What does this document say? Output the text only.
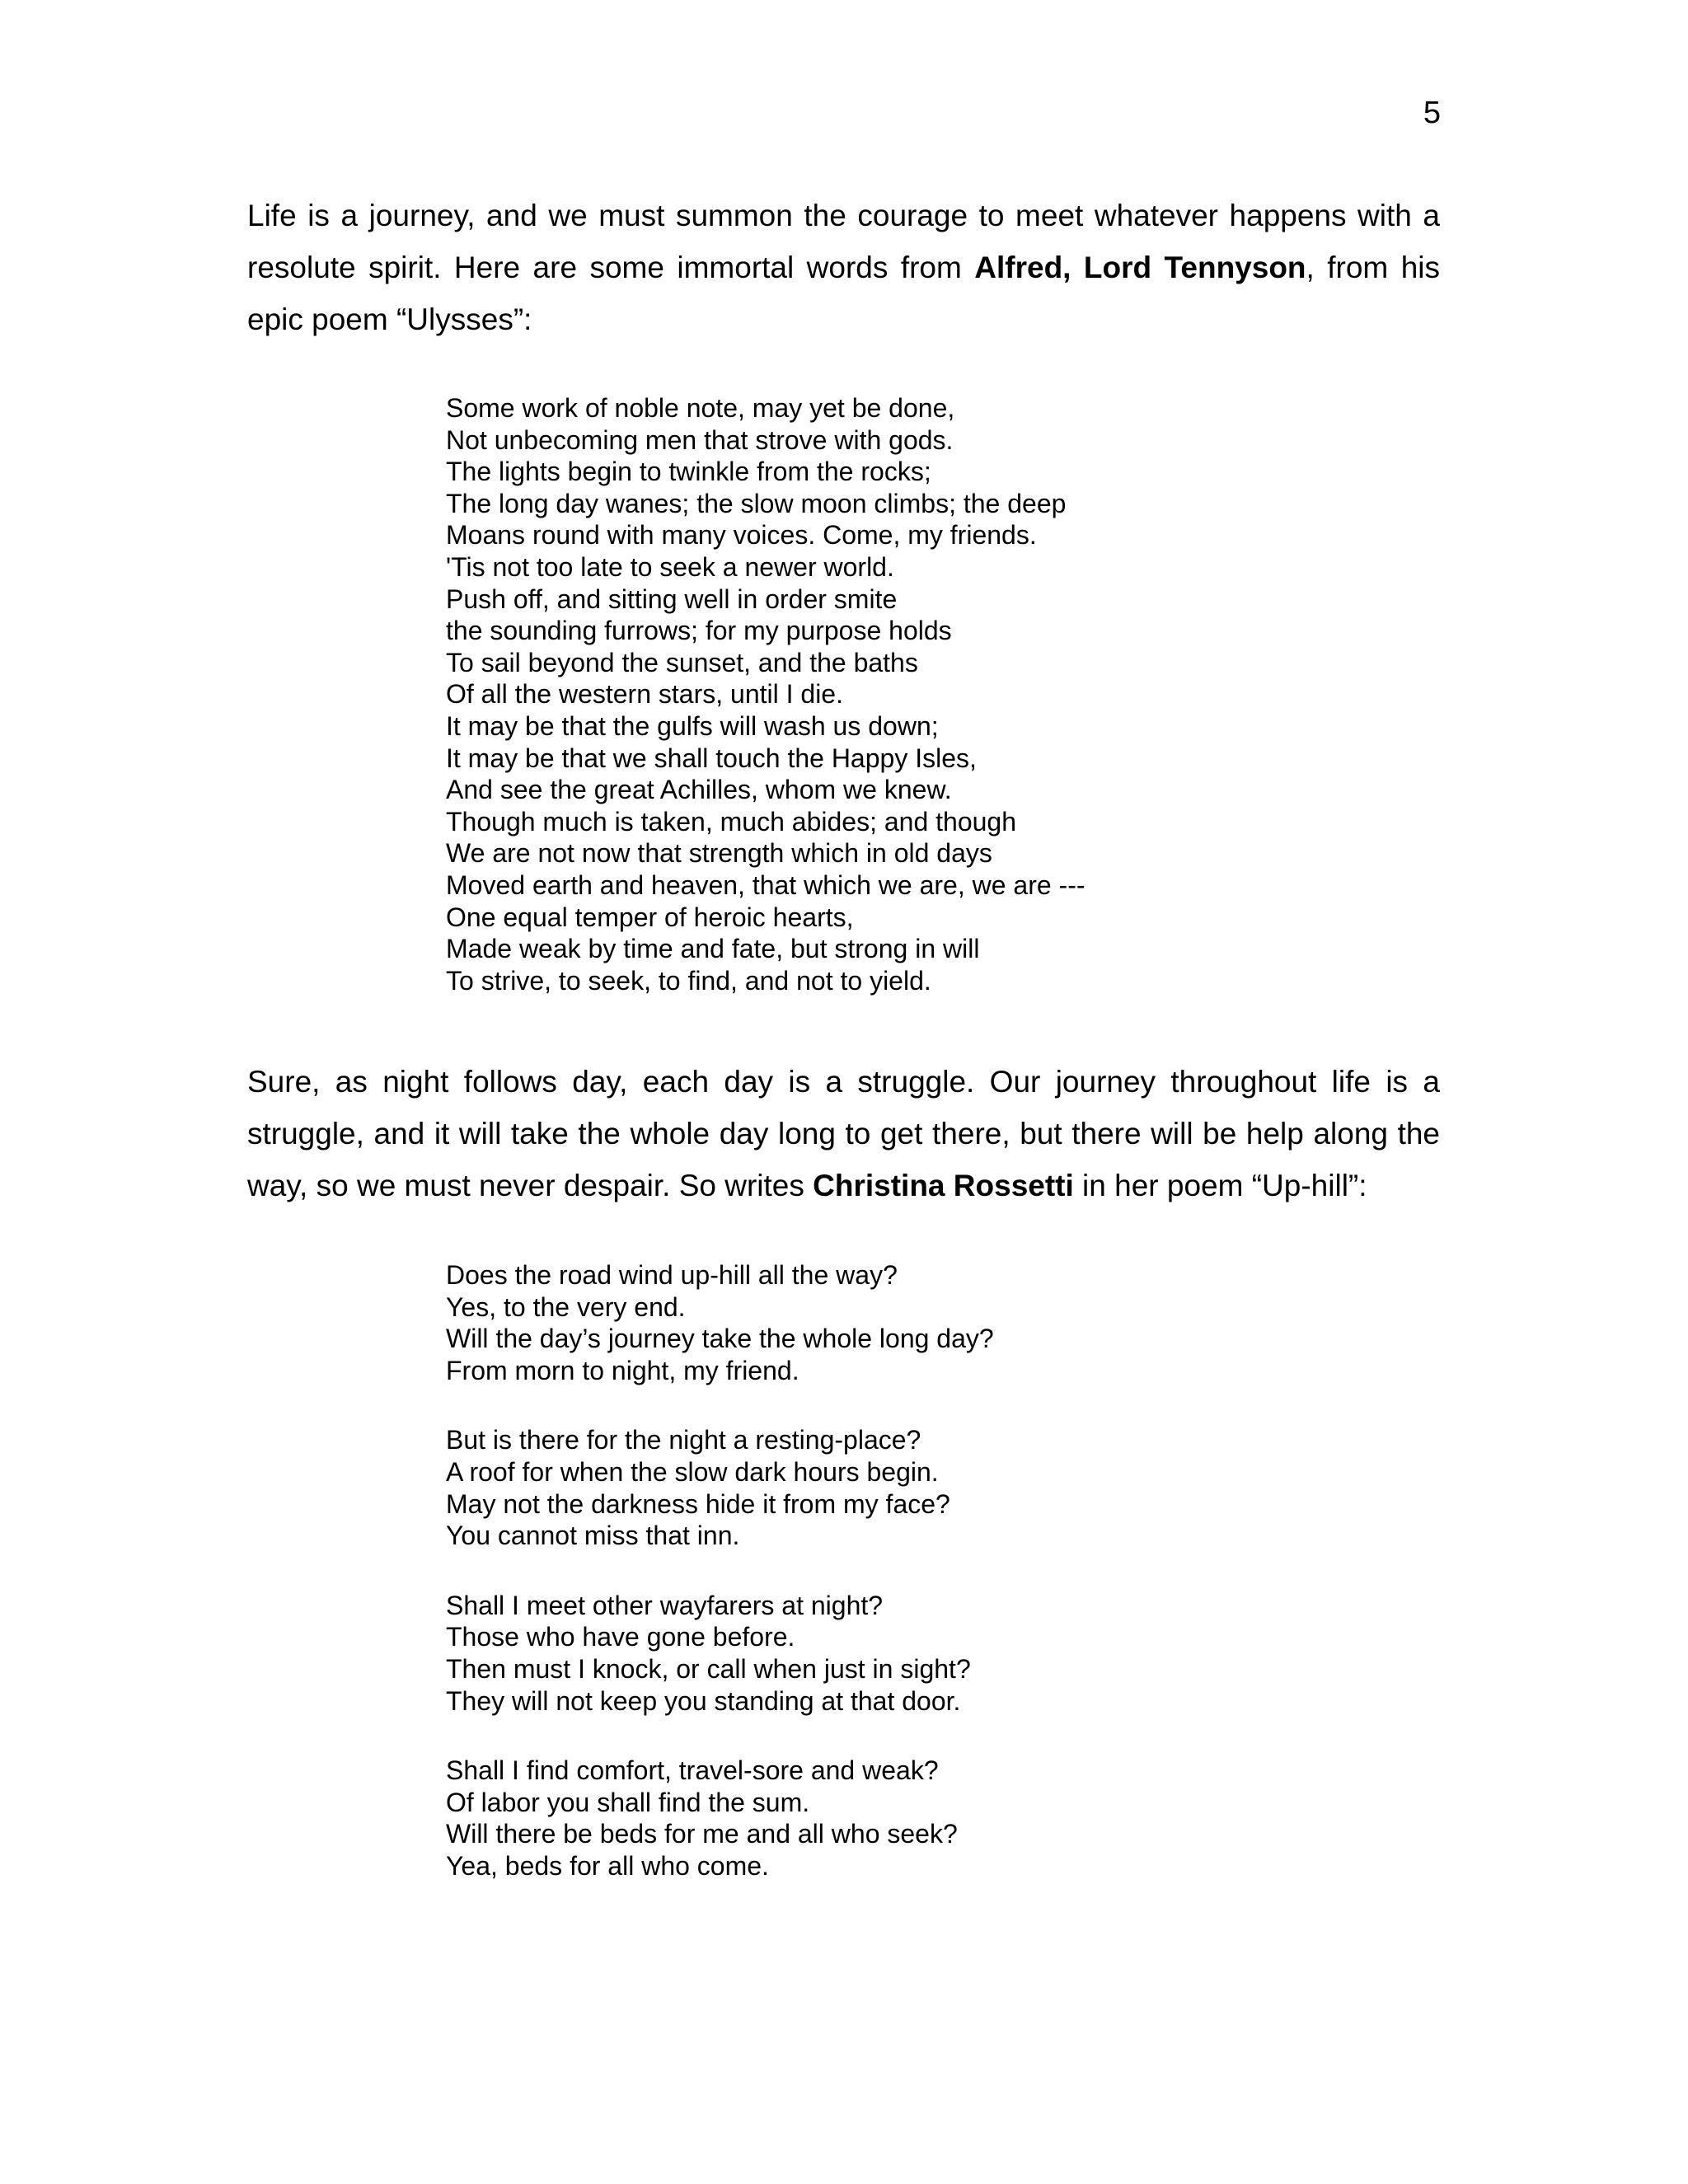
5

Life is a journey, and we must summon the courage to meet whatever happens with a resolute spirit. Here are some immortal words from Alfred, Lord Tennyson, from his epic poem “Ulysses”:

Some work of noble note, may yet be done,
Not unbecoming men that strove with gods.
The lights begin to twinkle from the rocks;
The long day wanes; the slow moon climbs; the deep
Moans round with many voices. Come, my friends.
'Tis not too late to seek a newer world.
Push off, and sitting well in order smite
the sounding furrows; for my purpose holds
To sail beyond the sunset, and the baths
Of all the western stars, until I die.
It may be that the gulfs will wash us down;
It may be that we shall touch the Happy Isles,
And see the great Achilles, whom we knew.
Though much is taken, much abides; and though
We are not now that strength which in old days
Moved earth and heaven, that which we are, we are ---
One equal temper of heroic hearts,
Made weak by time and fate, but strong in will
To strive, to seek, to find, and not to yield.

Sure, as night follows day, each day is a struggle. Our journey throughout life is a struggle, and it will take the whole day long to get there, but there will be help along the way, so we must never despair. So writes Christina Rossetti in her poem “Up-hill”:

Does the road wind up-hill all the way?
Yes, to the very end.
Will the day’s journey take the whole long day?
From morn to night, my friend.
But is there for the night a resting-place?
A roof for when the slow dark hours begin.
May not the darkness hide it from my face?
You cannot miss that inn.
Shall I meet other wayfarers at night?
Those who have gone before.
Then must I knock, or call when just in sight?
They will not keep you standing at that door.
Shall I find comfort, travel-sore and weak?
Of labor you shall find the sum.
Will there be beds for me and all who seek?
Yea, beds for all who come.
